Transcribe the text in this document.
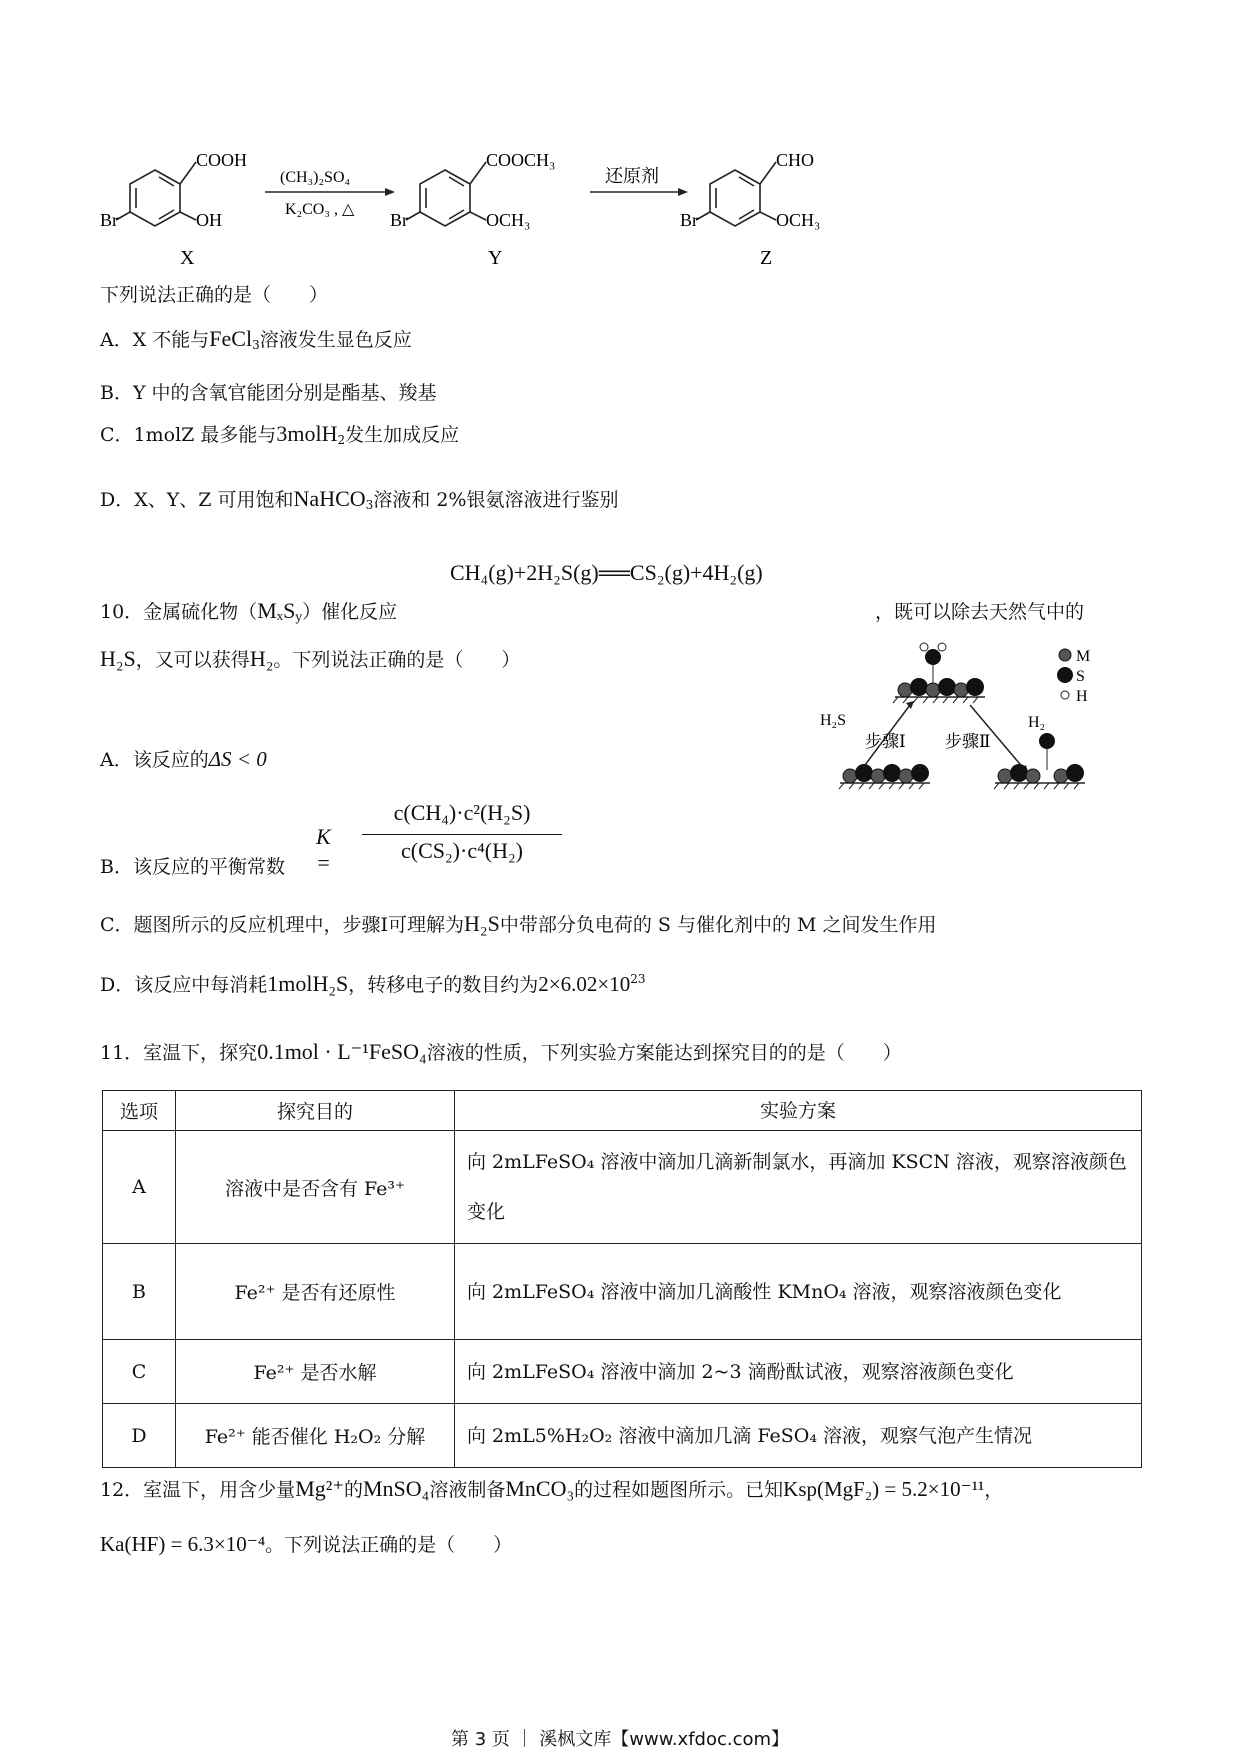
COOH
OH
Br
X
(CH₃)₂SO₄
K₂CO₃ , △
COOCH₃
OCH₃
Br
Y
还原剂
CHO
OCH₃
Br
Z
下列说法正确的是（　　）
A．X 不能与FeCl$_3$溶液发生显色反应
B．Y 中的含氧官能团分别是酯基、羧基
C．1molZ 最多能与3molH$_2$发生加成反应
D．X、Y、Z 可用饱和NaHCO$_3$溶液和 2%银氨溶液进行鉴别
CH₄(g)+2H₂S(g)══CS₂(g)+4H₂(g)
10．金属硫化物（MₓS$_y$）催化反应	，既可以除去天然气中的
H₂S，又可以获得H₂。下列说法正确的是（　　）	M
S
H
H₂S	H₂
步骤Ⅰ 步骤Ⅱ
A．该反应的ΔS < 0
K =
c(CH₄)·c²(H₂S)
c(CS₂)·c⁴(H₂)
B．该反应的平衡常数
C．题图所示的反应机理中，步骤Ⅰ可理解为H₂S中带部分负电荷的 S 与催化剂中的 M 之间发生作用
D．该反应中每消耗1molH₂S，转移电子的数目约为$2\times 6.02\times 10^{23}$
11．室温下，探究0.1mol · L⁻¹FeSO₄溶液的性质，下列实验方案能达到探究目的的是（　　）
选项	探究目的	实验方案
A	溶液中是否含有 Fe³⁺	向 2mLFeSO₄ 溶液中滴加几滴新制氯水，再滴加 KSCN 溶液，观察溶液颜色变化
B	Fe²⁺ 是否有还原性	向 2mLFeSO₄ 溶液中滴加几滴酸性 KMnO₄ 溶液，观察溶液颜色变化
C	Fe²⁺ 是否水解	向 2mLFeSO₄ 溶液中滴加 2~3 滴酚酞试液，观察溶液颜色变化
D	Fe²⁺ 能否催化 H₂O₂ 分解	向 2mL5%H₂O₂ 溶液中滴加几滴 FeSO₄ 溶液，观察气泡产生情况
12．室温下，用含少量Mg²⁺的MnSO₄溶液制备MnCO₃的过程如题图所示。已知Ksp(MgF₂) = 5.2×10⁻¹¹，
Ka(HF) = 6.3×10⁻⁴。下列说法正确的是（　　）
第 3 页 ｜ 溪枫文库【www.xfdoc.com】
